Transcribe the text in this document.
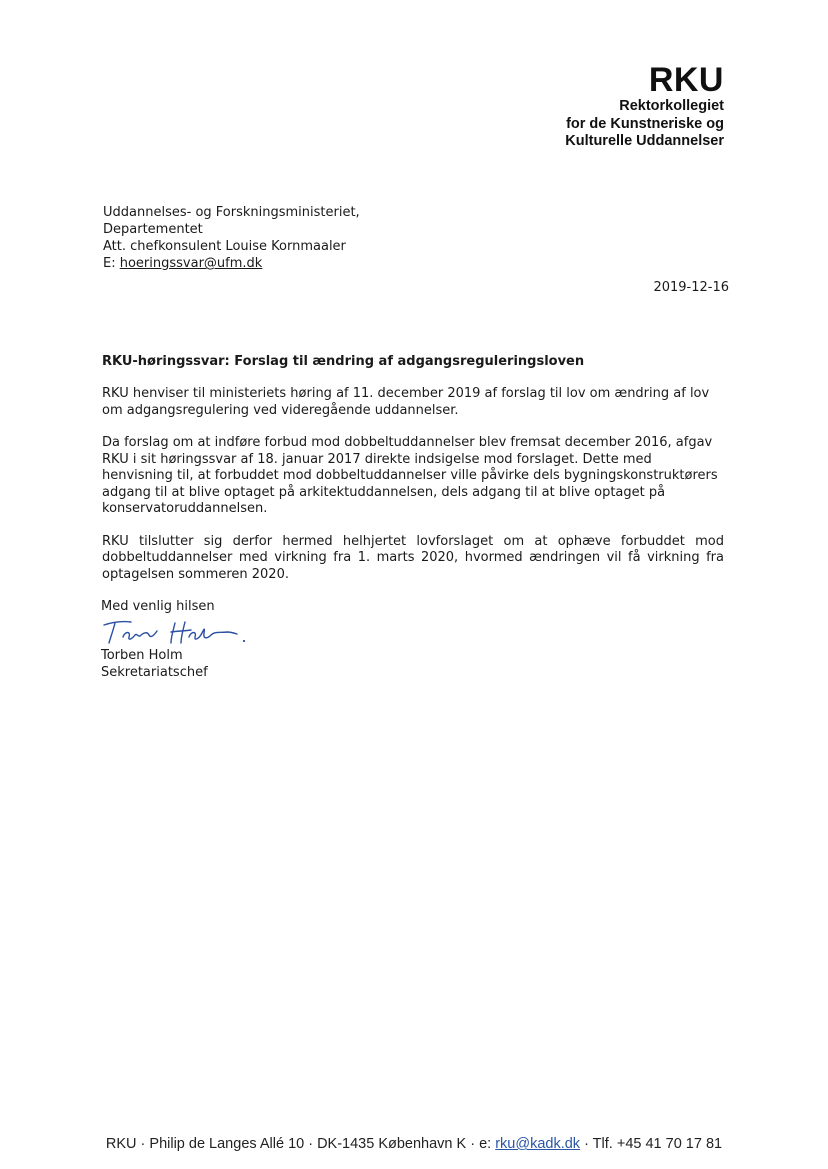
RKU
Rektorkollegiet
for de Kunstneriske og
Kulturelle Uddannelser
Uddannelses- og Forskningsministeriet,
Departementet
Att. chefkonsulent Louise Kornmaaler
E: hoeringssvar@ufm.dk
2019-12-16
RKU-høringssvar: Forslag til ændring af adgangsreguleringsloven

RKU henviser til ministeriets høring af 11. december 2019 af forslag til lov om ændring af lov om adgangsregulering ved videregående uddannelser.

Da forslag om at indføre forbud mod dobbeltuddannelser blev fremsat december 2016, afgav RKU i sit høringssvar af 18. januar 2017 direkte indsigelse mod forslaget. Dette med henvisning til, at forbuddet mod dobbeltuddannelser ville påvirke dels bygningskonstruktørers adgang til at blive optaget på arkitektuddannelsen, dels adgang til at blive optaget på konservatoruddannelsen.

RKU tilslutter sig derfor hermed helhjertet lovforslaget om at ophæve forbuddet mod dobbeltuddannelser med virkning fra 1. marts 2020, hvormed ændringen vil få virkning fra optagelsen sommeren 2020.

Med venlig hilsen
Torben Holm
Sekretariatschef
RKU · Philip de Langes Allé 10 · DK-1435 København K · e: rku@kadk.dk · Tlf. +45 41 70 17 81
